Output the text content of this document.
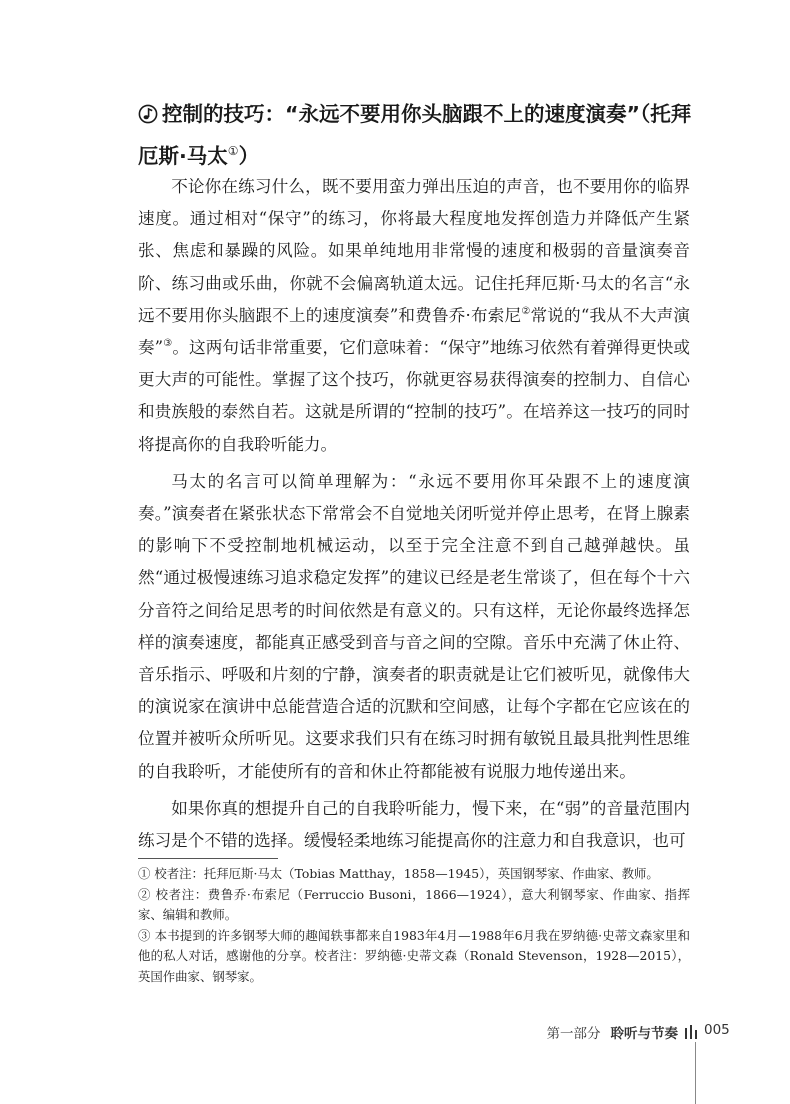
控制的技巧：“永远不要用你头脑跟不上的速度演奏”（托拜厄斯·马太①）

不论你在练习什么，既不要用蛮力弹出压迫的声音，也不要用你的临界速度。通过相对“保守”的练习，你将最大程度地发挥创造力并降低产生紧张、焦虑和暴躁的风险。如果单纯地用非常慢的速度和极弱的音量演奏音阶、练习曲或乐曲，你就不会偏离轨道太远。记住托拜厄斯·马太的名言“永远不要用你头脑跟不上的速度演奏”和费鲁乔·布索尼②常说的“我从不大声演奏”③。这两句话非常重要，它们意味着：“保守”地练习依然有着弹得更快或更大声的可能性。掌握了这个技巧，你就更容易获得演奏的控制力、自信心和贵族般的泰然自若。这就是所谓的“控制的技巧”。在培养这一技巧的同时将提高你的自我聆听能力。

马太的名言可以简单理解为：“永远不要用你耳朵跟不上的速度演奏。”演奏者在紧张状态下常常会不自觉地关闭听觉并停止思考，在肾上腺素的影响下不受控制地机械运动，以至于完全注意不到自己越弹越快。虽然“通过极慢速练习追求稳定发挥”的建议已经是老生常谈了，但在每个十六分音符之间给足思考的时间依然是有意义的。只有这样，无论你最终选择怎样的演奏速度，都能真正感受到音与音之间的空隙。音乐中充满了休止符、音乐指示、呼吸和片刻的宁静，演奏者的职责就是让它们被听见，就像伟大的演说家在演讲中总能营造合适的沉默和空间感，让每个字都在它应该在的位置并被听众所听见。这要求我们只有在练习时拥有敏锐且最具批判性思维的自我聆听，才能使所有的音和休止符都能被有说服力地传递出来。

如果你真的想提升自己的自我聆听能力，慢下来，在“弱”的音量范围内练习是个不错的选择。缓慢轻柔地练习能提高你的注意力和自我意识，也可

① 校者注：托拜厄斯·马太（Tobias Matthay，1858—1945），英国钢琴家、作曲家、教师。
② 校者注：费鲁乔·布索尼（Ferruccio Busoni，1866—1924），意大利钢琴家、作曲家、指挥家、编辑和教师。
③ 本书提到的许多钢琴大师的趣闻轶事都来自1983年4月—1988年6月我在罗纳德·史蒂文森家里和他的私人对话，感谢他的分享。校者注：罗纳德·史蒂文森（Ronald Stevenson，1928—2015），英国作曲家、钢琴家。
第一部分 聆听与节奏 005
